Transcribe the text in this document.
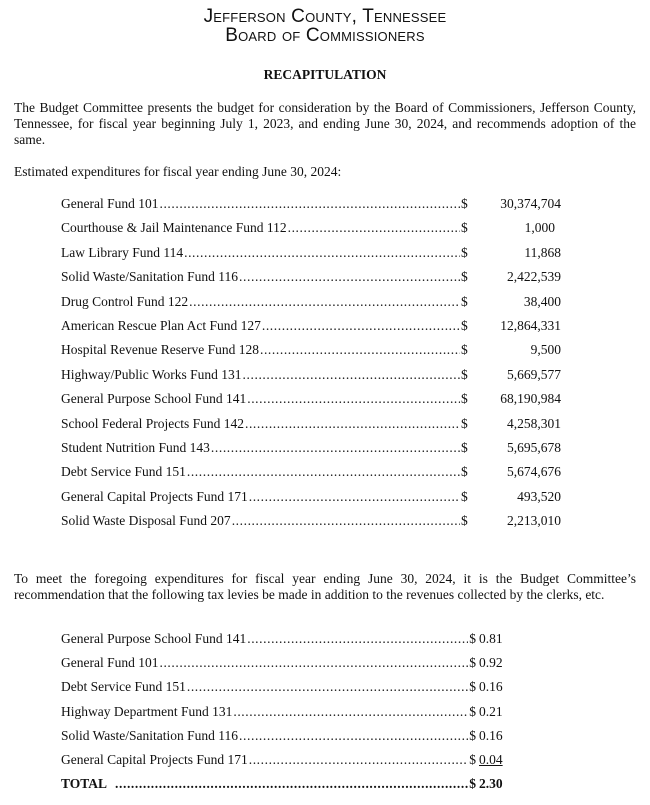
Jefferson County, Tennessee
Board of Commissioners
RECAPITULATION

The Budget Committee presents the budget for consideration by the Board of Commissioners, Jefferson County, Tennessee, for fiscal year beginning July 1, 2023, and ending June 30, 2024, and recommends adoption of the same.

Estimated expenditures for fiscal year ending June 30, 2024:

General Fund 101 .....	$	30,374,704
Courthouse & Jail Maintenance Fund 112 .....	$	1,000
Law Library Fund 114 .....	$	11,868
Solid Waste/Sanitation Fund 116 .....	$	2,422,539
Drug Control Fund 122 .....	$	38,400
American Rescue Plan Act Fund 127 .....	$	12,864,331
Hospital Revenue Reserve Fund 128 .....	$	9,500
Highway/Public Works Fund 131 .....	$	5,669,577
General Purpose School Fund 141 .....	$	68,190,984
School Federal Projects Fund 142 .....	$	4,258,301
Student Nutrition Fund 143 .....	$	5,695,678
Debt Service Fund 151 .....	$	5,674,676
General Capital Projects Fund 171 .....	$	493,520
Solid Waste Disposal Fund 207 .....	$	2,213,010

To meet the foregoing expenditures for fiscal year ending June 30, 2024, it is the Budget Committee’s recommendation that the following tax levies be made in addition to the revenues collected by the clerks, etc.

General Purpose School Fund 141 .....	$ 0.81
General Fund 101 .....	$ 0.92
Debt Service Fund 151 .....	$ 0.16
Highway Department Fund 131 .....	$ 0.21
Solid Waste/Sanitation Fund 116 .....	$ 0.16
General Capital Projects Fund 171 .....	$ 0.04
TOTAL .....	$ 2.30
